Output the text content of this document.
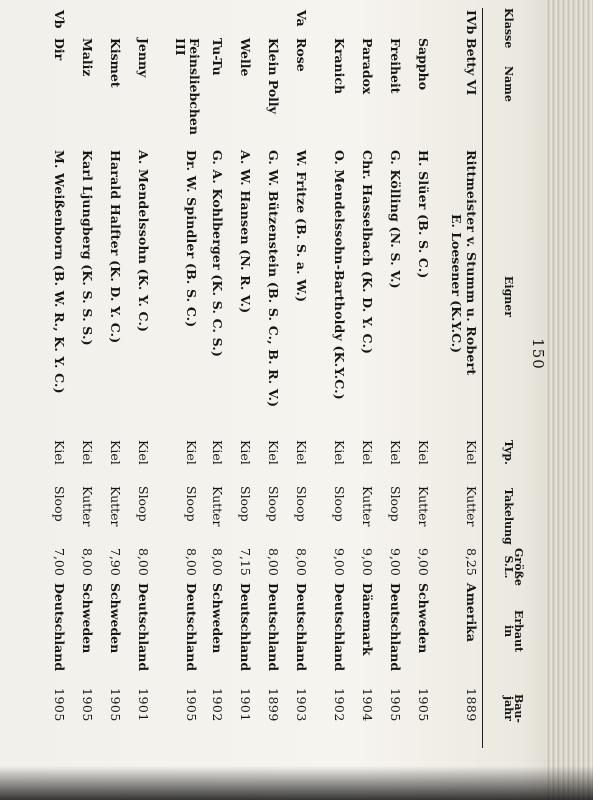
150
Klasse
Name
Eigner
Typ.
Takelung
Größe
S.L.
Erbaut
in
Bau-
jahr
IVb
Betty VI
Rittmeister v. Stumm u. Robert
E. Loesener (K.Y.C.)
Kiel
Kutter
8,25
Amerika
1889
Sappho
H. Slüer (B. S. C.)
Kiel
Kutter
9,00
Schweden
1905
Freiheit
G. Kölling (N. S. V.)
Kiel
Sloop
9,00
Deutschland
1905
Paradox
Chr. Hasselbach (K. D. Y. C.)
Kiel
Kutter
9,00
Dänemark
1904
Kranich
O. Mendelssohn-Bartholdy (K.Y.C.)
Kiel
Sloop
9,00
Deutschland
1902
Va
Rose
W. Fritze (B. S. a. W.)
Kiel
Sloop
8,00
Deutschland
1903
Klein Polly
G. W. Bützenstein (B. S. C., B. R. V.)
Kiel
Sloop
8,00
Deutschland
1899
Welle
A. W. Hansen (N. R. V.)
Kiel
Sloop
7,15
Deutschland
1901
Tu-Tu
G. A. Kohlberger (K. S. C. S.)
Kiel
Kutter
8,00
Schweden
1902
Feinsliebchen III
Dr. W. Spindler (B. S. C.)
Kiel
Sloop
8,00
Deutschland
1905
Jenny
A. Mendelssohn (K. Y. C.)
Kiel
Sloop
8,00
Deutschland
1901
Kismet
Harald Halfter (K. D. Y. C.)
Kiel
Kutter
7,90
Schweden
1905
Maliz
Karl Ljungberg (K. S. S. S.)
Kiel
Kutter
8,00
Schweden
1905
Vb
Dir
M. Weißenborn (B. W. R., K. Y. C.)
Kiel
Sloop
7,00
Deutschland
1905
